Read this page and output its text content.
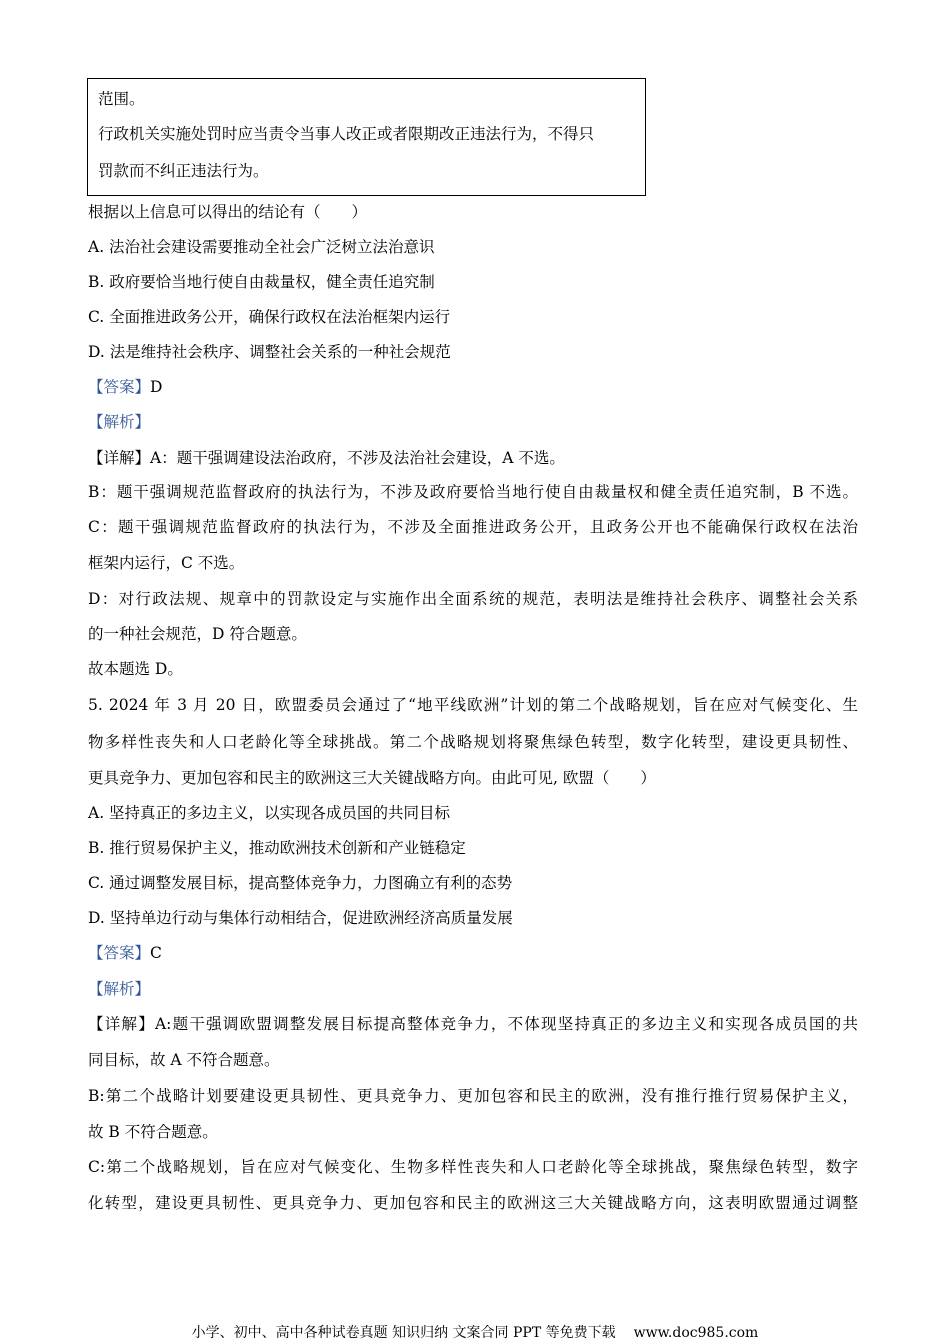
范围。
行政机关实施处罚时应当责令当事人改正或者限期改正违法行为，不得只
罚款而不纠正违法行为。
根据以上信息可以得出的结论有（　　）
A. 法治社会建设需要推动全社会广泛树立法治意识
B. 政府要恰当地行使自由裁量权，健全责任追究制
C. 全面推进政务公开，确保行政权在法治框架内运行
D. 法是维持社会秩序、调整社会关系的一种社会规范
【答案】D
【解析】
【详解】A：题干强调建设法治政府，不涉及法治社会建设，A 不选。
B：题干强调规范监督政府的执法行为，不涉及政府要恰当地行使自由裁量权和健全责任追究制，B 不选。
C：题干强调规范监督政府的执法行为，不涉及全面推进政务公开，且政务公开也不能确保行政权在法治
框架内运行，C 不选。
D：对行政法规、规章中的罚款设定与实施作出全面系统的规范，表明法是维持社会秩序、调整社会关系
的一种社会规范，D 符合题意。
故本题选 D。
5. 2024 年 3 月 20 日，欧盟委员会通过了“地平线欧洲”计划的第二个战略规划，旨在应对气候变化、生
物多样性丧失和人口老龄化等全球挑战。第二个战略规划将聚焦绿色转型，数字化转型，建设更具韧性、
更具竞争力、更加包容和民主的欧洲这三大关键战略方向。由此可见, 欧盟（　　）
A. 坚持真正的多边主义，以实现各成员国的共同目标
B. 推行贸易保护主义，推动欧洲技术创新和产业链稳定
C. 通过调整发展目标，提高整体竞争力，力图确立有利的态势
D. 坚持单边行动与集体行动相结合，促进欧洲经济高质量发展
【答案】C
【解析】
【详解】A:题干强调欧盟调整发展目标提高整体竞争力，不体现坚持真正的多边主义和实现各成员国的共
同目标，故 A 不符合题意。
B:第二个战略计划要建设更具韧性、更具竞争力、更加包容和民主的欧洲，没有推行推行贸易保护主义，
故 B 不符合题意。
C:第二个战略规划，旨在应对气候变化、生物多样性丧失和人口老龄化等全球挑战，聚焦绿色转型，数字
化转型，建设更具韧性、更具竞争力、更加包容和民主的欧洲这三大关键战略方向，这表明欧盟通过调整
小学、初中、高中各种试卷真题 知识归纳 文案合同 PPT 等免费下载 www.doc985.com
